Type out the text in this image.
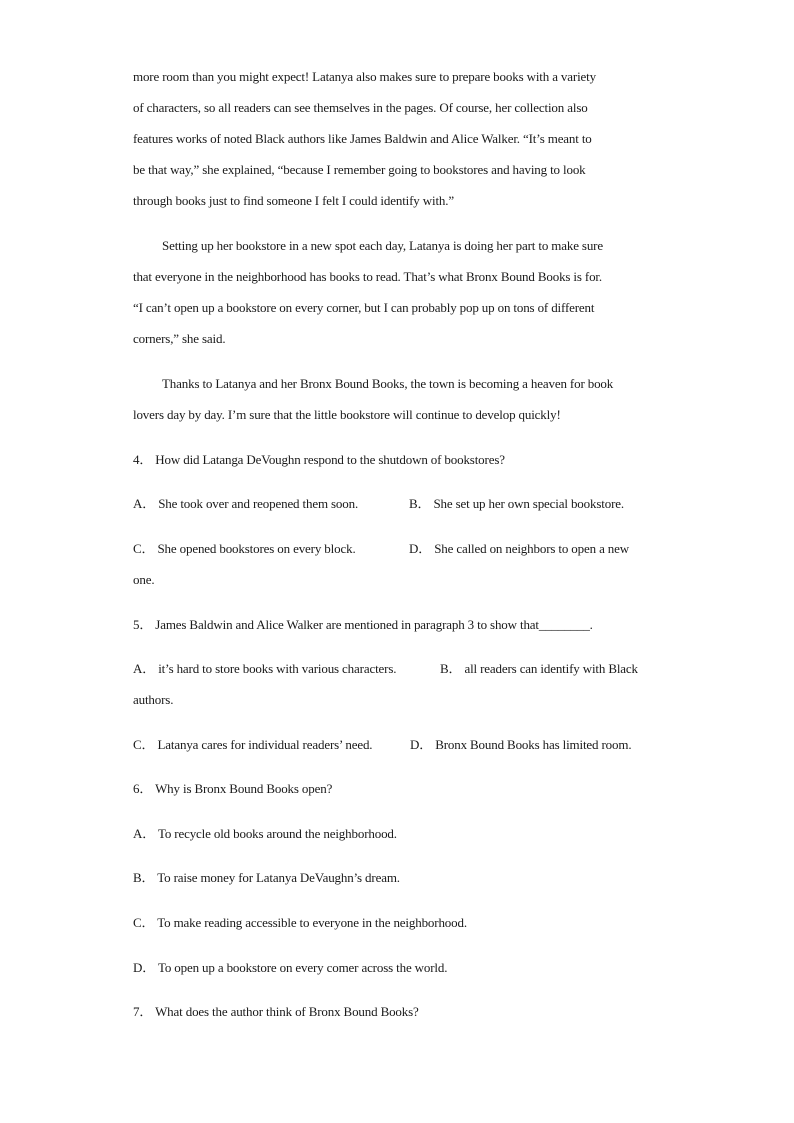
more room than you might expect! Latanya also makes sure to prepare books with a variety
of characters, so all readers can see themselves in the pages. Of course, her collection also
features works of noted Black authors like James Baldwin and Alice Walker. “It’s meant to
be that way,” she explained, “because I remember going to bookstores and having to look
through books just to find someone I felt I could identify with.”
Setting up her bookstore in a new spot each day, Latanya is doing her part to make sure
that everyone in the neighborhood has books to read. That’s what Bronx Bound Books is for.
“I can’t open up a bookstore on every corner, but I can probably pop up on tons of different
corners,” she said.
Thanks to Latanya and her Bronx Bound Books, the town is becoming a heaven for book
lovers day by day. I’m sure that the little bookstore will continue to develop quickly!
4． How did Latanga DeVoughn respond to the shutdown of bookstores?
A． She took over and reopened them soon.	B． She set up her own special bookstore.
C． She opened bookstores on every block.	D． She called on neighbors to open a new
one.
5． James Baldwin and Alice Walker are mentioned in paragraph 3 to show that________.
A． it’s hard to store books with various characters.	B． all readers can identify with Black
authors.
C． Latanya cares for individual readers’ need.	D． Bronx Bound Books has limited room.
6． Why is Bronx Bound Books open?
A． To recycle old books around the neighborhood.
B． To raise money for Latanya DeVaughn’s dream.
C． To make reading accessible to everyone in the neighborhood.
D． To open up a bookstore on every comer across the world.
7． What does the author think of Bronx Bound Books?
